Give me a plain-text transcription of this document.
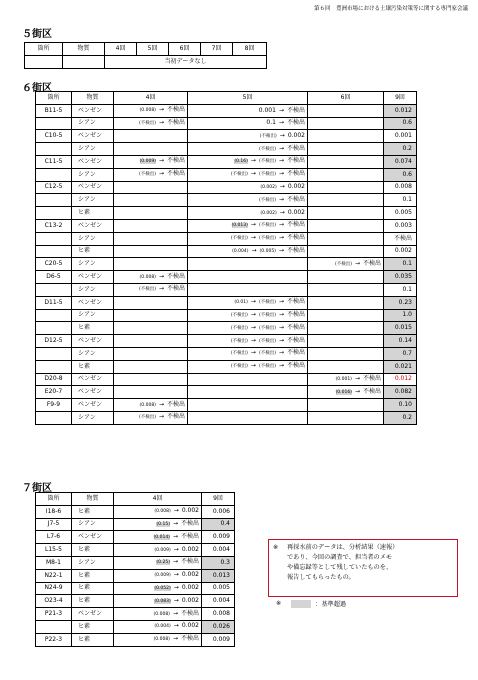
第６回　豊洲市場における土壌汚染対策等に関する専門家会議
５街区
箇所	物質	4回	5回	6回	7回	8回
		当初データなし				
６街区
箇所	物質	4回	5回	6回	9回
B11-5	ベンゼン	(0.008) → 不検出	0.001 → 不検出		0.012
	シアン	(不検出) → 不検出	0.1 → 不検出		0.6
C10-5	ベンゼン		(不検出) → 0.002		0.001
	シアン		(不検出) → 不検出		0.2
C11-5	ベンゼン	(0.009) → 不検出	(0.16) → (不検出) → 不検出		0.074
	シアン	(不検出) → 不検出	(不検出) → (不検出) → 不検出		0.6
C12-5	ベンゼン		(0.002) → 0.002		0.008
	シアン		(不検出) → 不検出		0.1
	ヒ素		(0.002) → 0.002		0.005
C13-2	ベンゼン		(0.013) → (不検出) → 不検出		0.003
	シアン		(不検出) → (不検出) → 不検出		不検出
	ヒ素		(0.004) → (0.005) → 不検出		0.002
C20-5	シアン			(不検出) → 不検出	0.1
D6-5	ベンゼン	(0.008) → 不検出			0.035
	シアン	(不検出) → 不検出			0.1
D11-5	ベンゼン		(0.01) → (不検出) → 不検出		0.23
	シアン		(不検出) → (不検出) → 不検出		1.0
	ヒ素		(不検出) → (不検出) → 不検出		0.015
D12-5	ベンゼン		(不検出) → (不検出) → 不検出		0.14
	シアン		(不検出) → (不検出) → 不検出		0.7
	ヒ素		(不検出) → (不検出) → 不検出		0.021
D20-8	ベンゼン			(0.001) → 不検出	0.012
E20-7	ベンゼン			(0.016) → 不検出	0.082
F9-9	ベンゼン	(0.008) → 不検出			0.10
	シアン	(不検出) → 不検出			0.2
７街区
箇所	物質	4回	9回
I18-6	ヒ素	(0.008) → 0.002	0.006
J7-5	シアン	(0.15) → 不検出	0.4
L7-6	ベンゼン	(0.014) → 不検出	0.009
L15-5	ヒ素	(0.009) → 0.002	0.004
M8-1	シアン	(0.25) → 不検出	0.3
N22-1	ヒ素	(0.009) → 0.002	0.013
N24-9	ヒ素	(0.052) → 0.002	0.005
O23-4	ヒ素	(0.083) → 0.002	0.004
P21-3	ベンゼン	(0.008) → 不検出	0.008
	ヒ素	(0.004) → 0.002	0.026
P22-3	ヒ素	(0.008) → 不検出	0.009
※	再採水前のデータは、分析結果（速報）
であり、今回の調査で、担当者のメモ
や備忘録等として残していたものを、
報告してもらったもの。
※	：基準超過
